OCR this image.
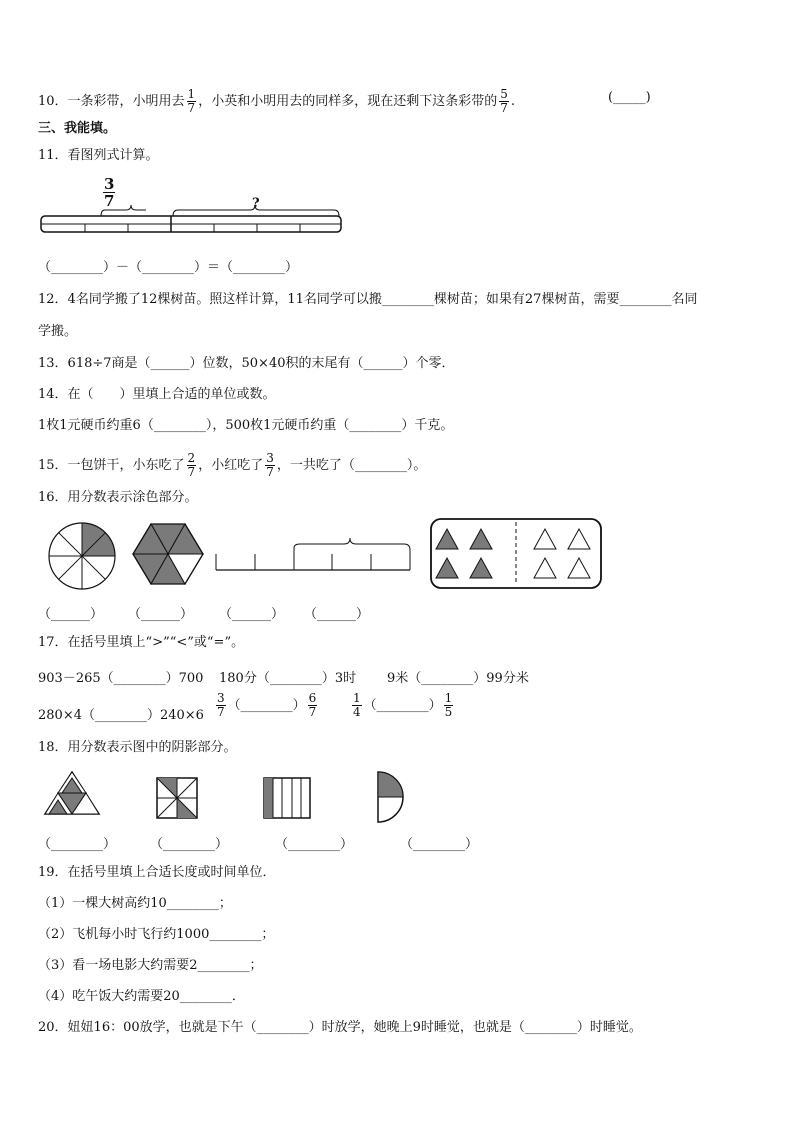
10．一条彩带，小明用去 $\frac{1}{7}$ ，小英和小明用去的同样多，现在还剩下这条彩带的 $\frac{5}{7}$ .	(_____)
三、我能填。
11．看图列式计算。
$\frac{3}{7}$	?
（________）－（________）＝（________）
12．4名同学搬了12棵树苗。照这样计算，11名同学可以搬________棵树苗；如果有27棵树苗，需要________名同
学搬。
13．618÷7商是（______）位数，50×40积的末尾有（______）个零．
14．在（　　）里填上合适的单位或数。
1枚1元硬币约重6（________），500枚1元硬币约重（________）千克。
15．一包饼干，小东吃了 $\frac{2}{7}$ ，小红吃了 $\frac{3}{7}$ ，一共吃了（________）。
16．用分数表示涂色部分。
（______） （______） （______） （______）
17．在括号里填上“>”“<”或“=”。
903－265（________）700 180分（________）3时 9米（________）99分米
280×4（________）240×6 $\frac{3}{7}$ （________） $\frac{6}{7}$	$\frac{1}{4}$ （________） $\frac{1}{5}$
18．用分数表示图中的阴影部分。
（________）	（________）	（________）	（________）
19．在括号里填上合适长度或时间单位．
（1）一棵大树高约10________；
（2）飞机每小时飞行约1000________；
（3）看一场电影大约需要2________；
（4）吃午饭大约需要20________．
20．妞妞16：00放学，也就是下午（________）时放学，她晚上9时睡觉，也就是（________）时睡觉。
